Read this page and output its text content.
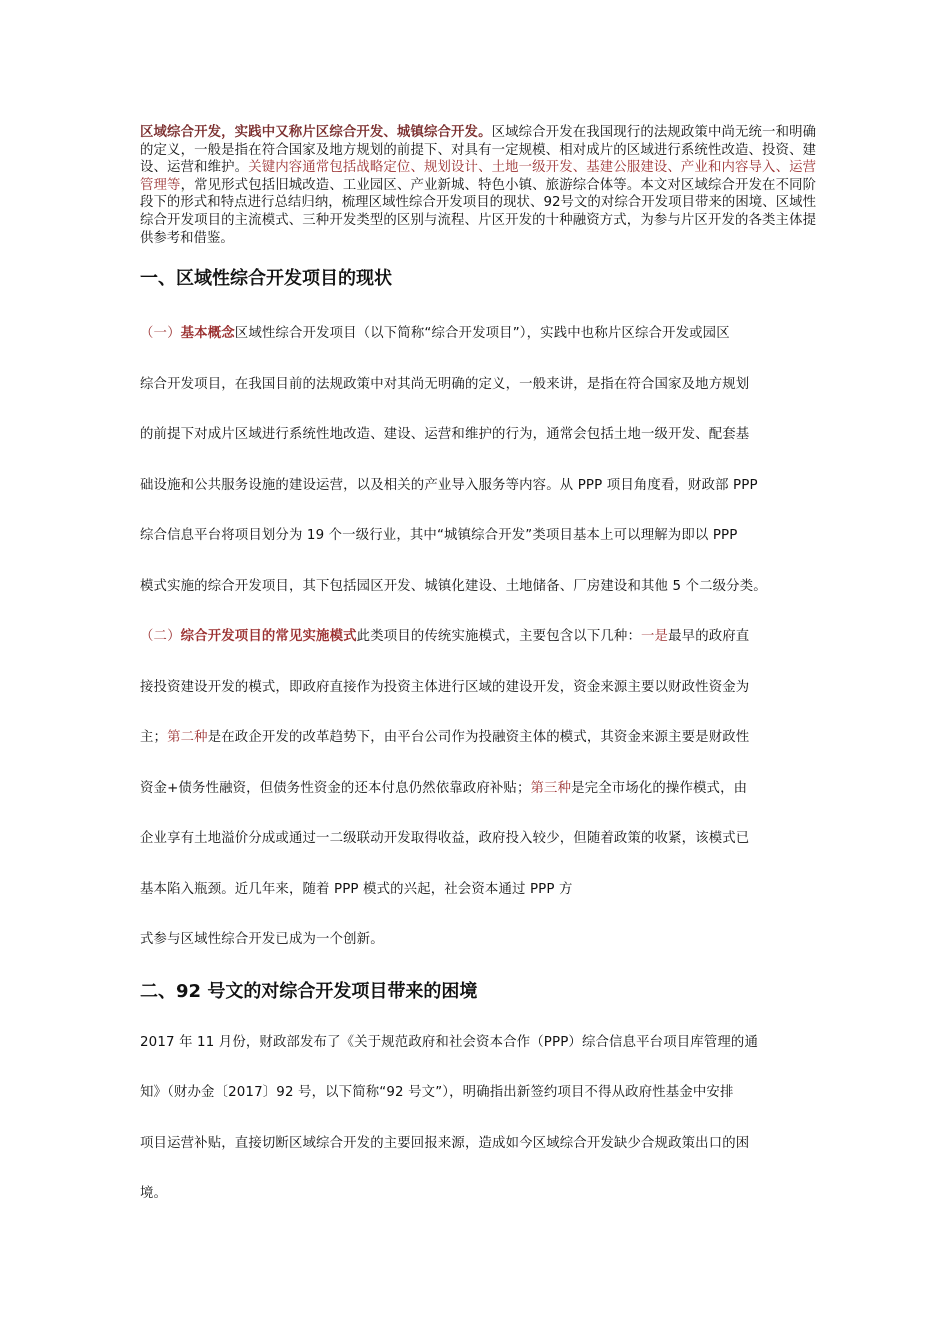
区域综合开发，实践中又称片区综合开发、城镇综合开发。区域综合开发在我国现行的法规政策中尚无统一和明确的定义，一般是指在符合国家及地方规划的前提下、对具有一定规模、相对成片的区域进行系统性改造、投资、建设、运营和维护。关键内容通常包括战略定位、规划设计、土地一级开发、基建公服建设、产业和内容导入、运营管理等，常见形式包括旧城改造、工业园区、产业新城、特色小镇、旅游综合体等。本文对区域综合开发在不同阶段下的形式和特点进行总结归纳，梳理区域性综合开发项目的现状、92号文的对综合开发项目带来的困境、区域性综合开发项目的主流模式、三种开发类型的区别与流程、片区开发的十种融资方式，为参与片区开发的各类主体提供参考和借鉴。

一、区域性综合开发项目的现状

（一）基本概念区域性综合开发项目（以下简称“综合开发项目”），实践中也称片区综合开发或园区
综合开发项目，在我国目前的法规政策中对其尚无明确的定义，一般来讲，是指在符合国家及地方规划
的前提下对成片区域进行系统性地改造、建设、运营和维护的行为，通常会包括土地一级开发、配套基
础设施和公共服务设施的建设运营，以及相关的产业导入服务等内容。从 PPP 项目角度看，财政部 PPP
综合信息平台将项目划分为 19 个一级行业，其中“城镇综合开发”类项目基本上可以理解为即以 PPP
模式实施的综合开发项目，其下包括园区开发、城镇化建设、土地储备、厂房建设和其他 5 个二级分类。

（二）综合开发项目的常见实施模式此类项目的传统实施模式，主要包含以下几种：一是最早的政府直
接投资建设开发的模式，即政府直接作为投资主体进行区域的建设开发，资金来源主要以财政性资金为
主；第二种是在政企开发的改革趋势下，由平台公司作为投融资主体的模式，其资金来源主要是财政性
资金+债务性融资，但债务性资金的还本付息仍然依靠政府补贴；第三种是完全市场化的操作模式，由
企业享有土地溢价分成或通过一二级联动开发取得收益，政府投入较少，但随着政策的收紧，该模式已
基本陷入瓶颈。近几年来，随着 PPP 模式的兴起，社会资本通过 PPP 方
式参与区域性综合开发已成为一个创新。

二、92 号文的对综合开发项目带来的困境

2017 年 11 月份，财政部发布了《关于规范政府和社会资本合作（PPP）综合信息平台项目库管理的通
知》（财办金〔2017〕92 号，以下简称“92 号文”），明确指出新签约项目不得从政府性基金中安排
项目运营补贴，直接切断区域综合开发的主要回报来源，造成如今区域综合开发缺少合规政策出口的困
境。
